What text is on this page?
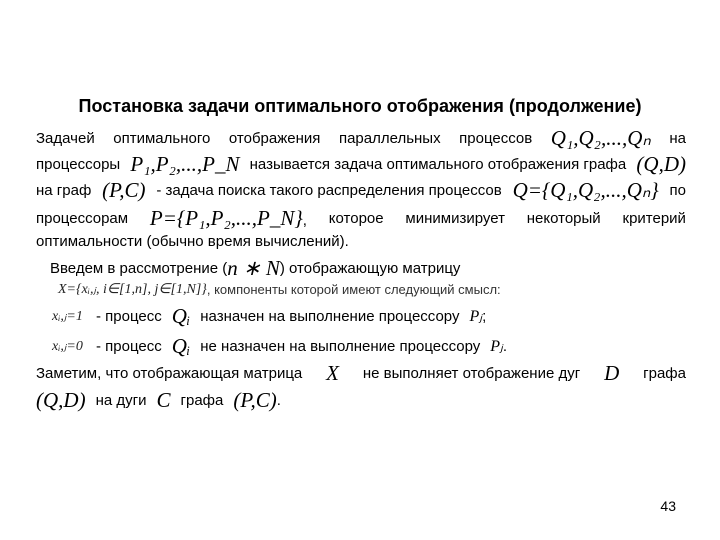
Постановка задачи оптимального отображения (продолжение)
Задачей оптимального отображения параллельных процессов Q₁,Q₂,...,Qₙ на
процессоры P₁,P₂,...,P_N называется задача оптимального отображения графа (Q,D)
на граф (P,C) - задача поиска такого распределения процессов Q={Q₁,Q₂,...,Qₙ} по
процессорам P={P₁,P₂,...,P_N}, которое минимизирует некоторый критерий
оптимальности (обычно время вычислений).
Введем в рассмотрение ( n ∗ N ) отображающую матрицу
X={xᵢ,ⱼ, i∈[1,n], j∈[1,N]} , компоненты которой имеют следующий смысл:
xᵢ,ⱼ=1 - процесс Qᵢ назначен на выполнение процессору Pⱼ ;
xᵢ,ⱼ=0 - процесс Qᵢ не назначен на выполнение процессору Pⱼ .
Заметим, что отображающая матрица X не выполняет отображение дуг D графа
(Q,D) на дуги C графа (P,C) .
43
